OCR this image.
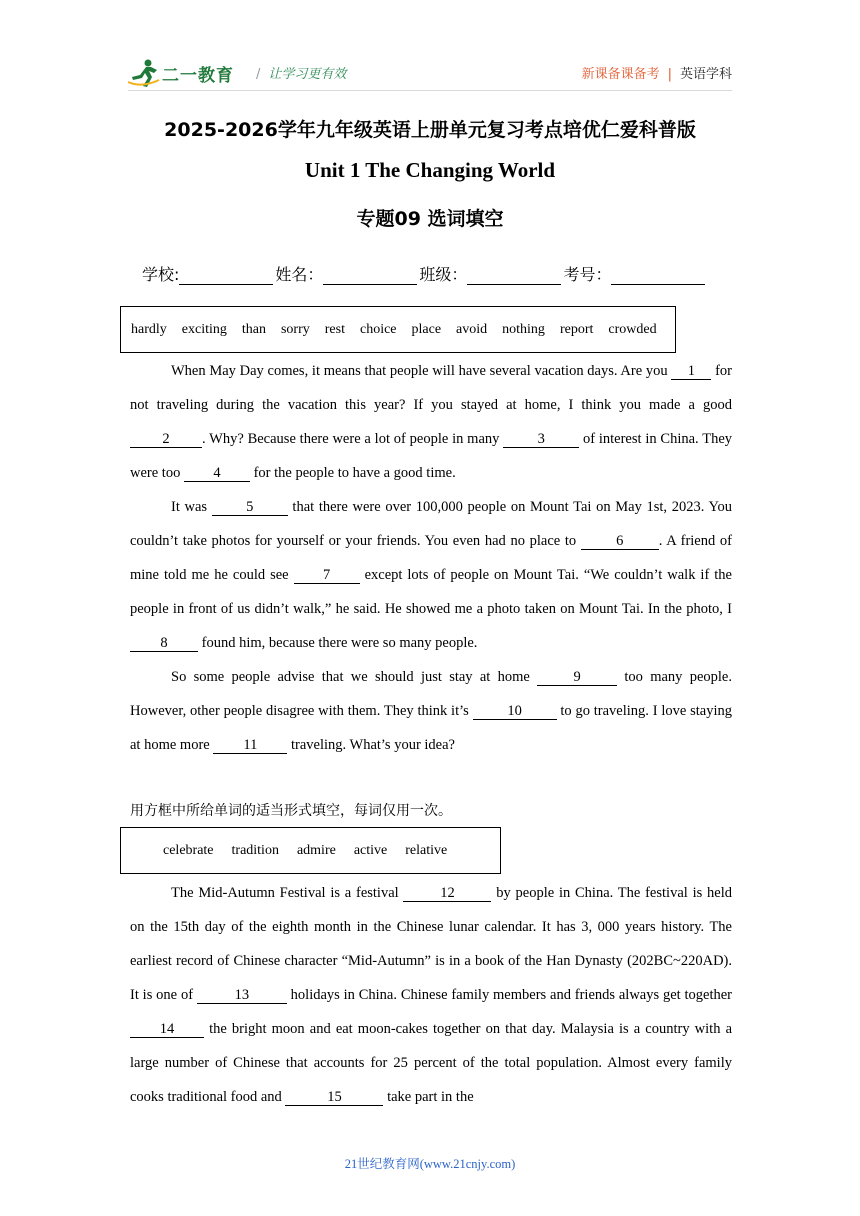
二一教育 / 让学习更有效	新课备课备考 | 英语学科
2025-2026学年九年级英语上册单元复习考点培优仁爱科普版
Unit 1 The Changing World
专题09 选词填空
学校:	姓名：	班级：	考号：
hardly exciting than sorry rest choice place avoid nothing report crowded

When May Day comes, it means that people will have several vacation days. Are you 1 for not traveling during the vacation this year? If you stayed at home, I think you made a good 2 . Why? Because there were a lot of people in many 3 of interest in China. They were too 4 for the people to have a good time.

It was 5 that there were over 100,000 people on Mount Tai on May 1st, 2023. You couldn’t take photos for yourself or your friends. You even had no place to 6 . A friend of mine told me he could see 7 except lots of people on Mount Tai. “We couldn’t walk if the people in front of us didn’t walk,” he said. He showed me a photo taken on Mount Tai. In the photo, I 8 found him, because there were so many people.

So some people advise that we should just stay at home	9	too many people. However, other people disagree with them. They think it’s 10 to go traveling. I love staying at home more 11 traveling. What’s your idea?

用方框中所给单词的适当形式填空，每词仅用一次。
celebrate tradition admire active relative

The Mid-Autumn Festival is a festival	12	by people in China. The festival is held on the 15th day of the eighth month in the Chinese lunar calendar. It has 3, 000 years history. The earliest record of Chinese character “Mid-Autumn” is in a book of the Han Dynasty (202BC~220AD). It is one of	13	holidays in China. Chinese family members and friends always get together 14 the bright moon and eat moon-cakes together on that day. Malaysia is a country with a large number of Chinese that accounts for 25 percent of the total population. Almost every family cooks traditional food and	15	take part in the

21世纪教育网(www.21cnjy.com)
